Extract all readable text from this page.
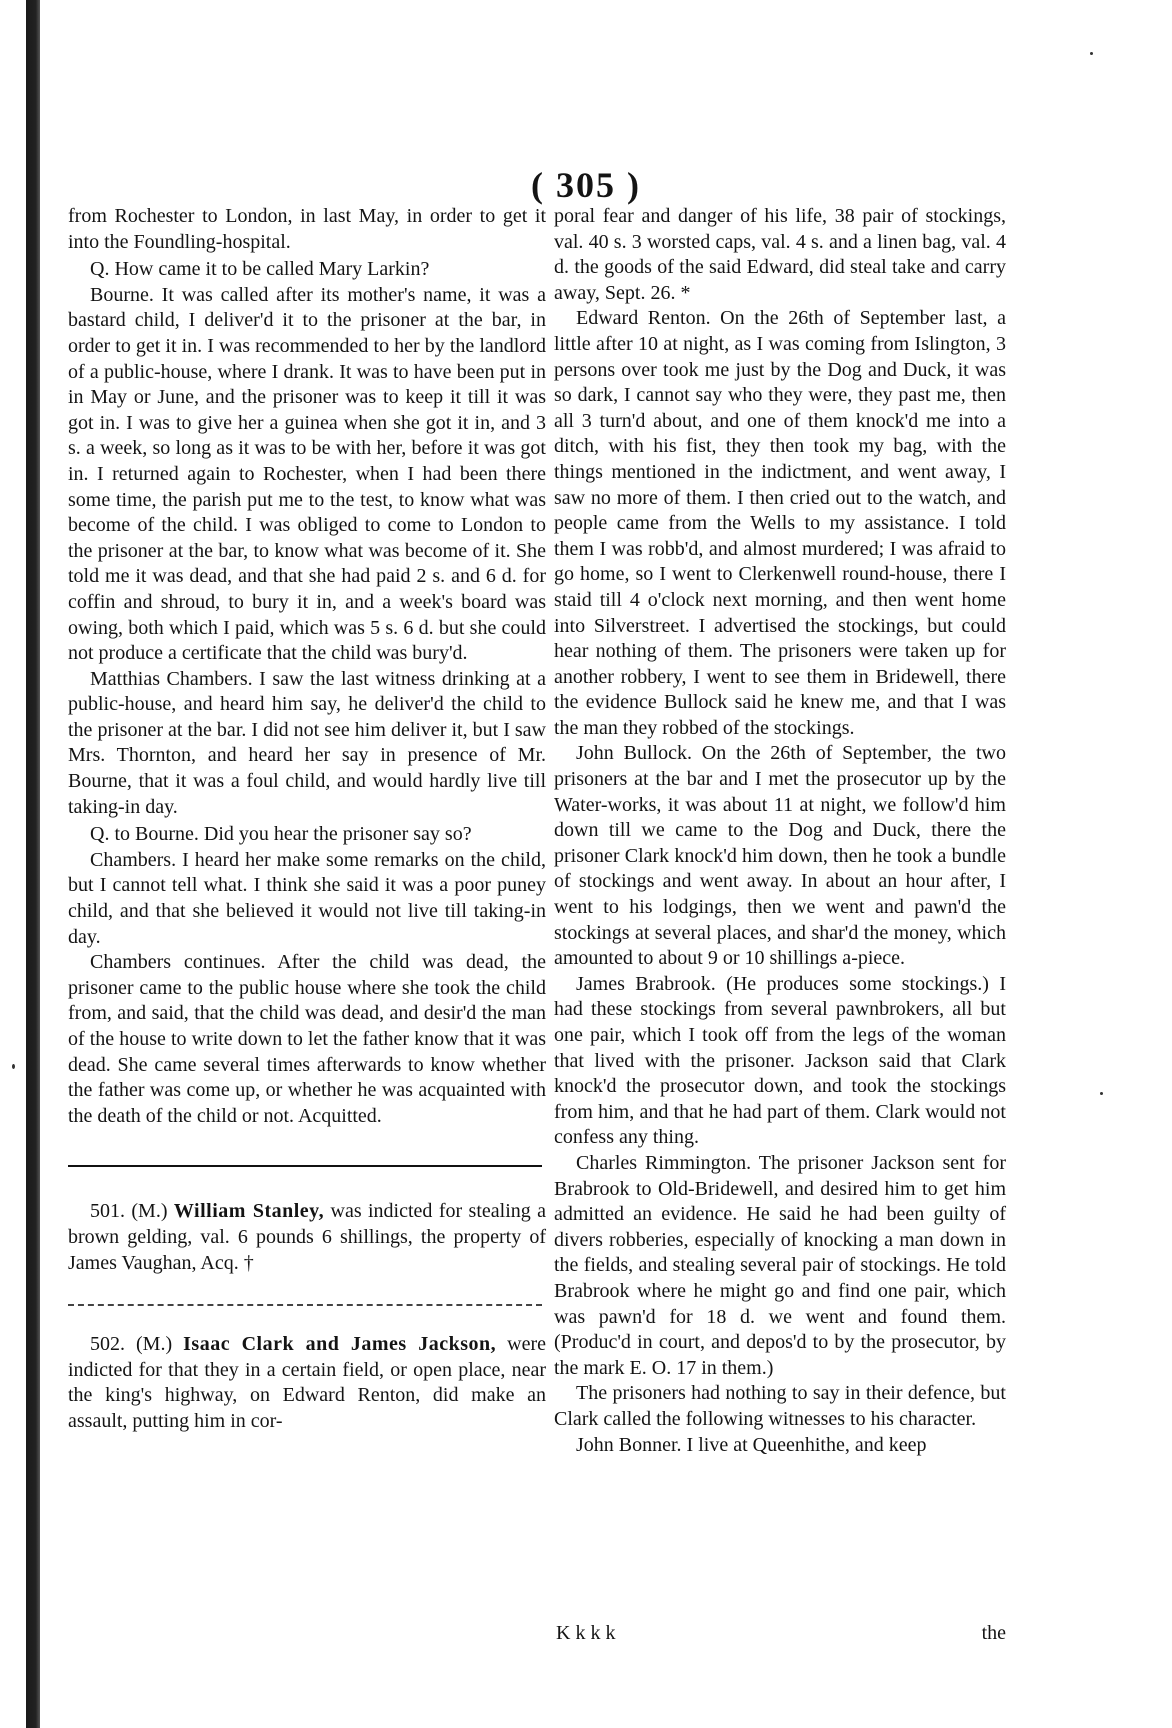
( 305 )

from Rochester to London, in last May, in order to get it into the Foundling-hospital.

Q. How came it to be called Mary Larkin?

Bourne. It was called after its mother's name, it was a bastard child, I deliver'd it to the prisoner at the bar, in order to get it in. I was recommended to her by the landlord of a public-house, where I drank. It was to have been put in in May or June, and the prisoner was to keep it till it was got in. I was to give her a guinea when she got it in, and 3 s. a week, so long as it was to be with her, before it was got in. I returned again to Rochester, when I had been there some time, the parish put me to the test, to know what was become of the child. I was obliged to come to London to the prisoner at the bar, to know what was become of it. She told me it was dead, and that she had paid 2 s. and 6 d. for coffin and shroud, to bury it in, and a week's board was owing, both which I paid, which was 5 s. 6 d. but she could not produce a certificate that the child was bury'd.

Matthias Chambers. I saw the last witness drinking at a public-house, and heard him say, he deliver'd the child to the prisoner at the bar. I did not see him deliver it, but I saw Mrs. Thornton, and heard her say in presence of Mr. Bourne, that it was a foul child, and would hardly live till taking-in day.

Q. to Bourne. Did you hear the prisoner say so?

Chambers. I heard her make some remarks on the child, but I cannot tell what. I think she said it was a poor puney child, and that she believed it would not live till taking-in day.

Chambers continues. After the child was dead, the prisoner came to the public house where she took the child from, and said, that the child was dead, and desir'd the man of the house to write down to let the father know that it was dead. She came several times afterwards to know whether the father was come up, or whether he was acquainted with the death of the child or not. Acquitted.

501. (M.) William Stanley, was indicted for stealing a brown gelding, val. 6 pounds 6 shillings, the property of James Vaughan, Acq. †

502. (M.) Isaac Clark and James Jackson, were indicted for that they in a certain field, or open place, near the king's highway, on Edward Renton, did make an assault, putting him in cor-

poral fear and danger of his life, 38 pair of stockings, val. 40 s. 3 worsted caps, val. 4 s. and a linen bag, val. 4 d. the goods of the said Edward, did steal take and carry away, Sept. 26. *

Edward Renton. On the 26th of September last, a little after 10 at night, as I was coming from Islington, 3 persons over took me just by the Dog and Duck, it was so dark, I cannot say who they were, they past me, then all 3 turn'd about, and one of them knock'd me into a ditch, with his fist, they then took my bag, with the things mentioned in the indictment, and went away, I saw no more of them. I then cried out to the watch, and people came from the Wells to my assistance. I told them I was robb'd, and almost murdered; I was afraid to go home, so I went to Clerkenwell round-house, there I staid till 4 o'clock next morning, and then went home into Silverstreet. I advertised the stockings, but could hear nothing of them. The prisoners were taken up for another robbery, I went to see them in Bridewell, there the evidence Bullock said he knew me, and that I was the man they robbed of the stockings.

John Bullock. On the 26th of September, the two prisoners at the bar and I met the prosecutor up by the Water-works, it was about 11 at night, we follow'd him down till we came to the Dog and Duck, there the prisoner Clark knock'd him down, then he took a bundle of stockings and went away. In about an hour after, I went to his lodgings, then we went and pawn'd the stockings at several places, and shar'd the money, which amounted to about 9 or 10 shillings a-piece.

James Brabrook. (He produces some stockings.) I had these stockings from several pawnbrokers, all but one pair, which I took off from the legs of the woman that lived with the prisoner. Jackson said that Clark knock'd the prosecutor down, and took the stockings from him, and that he had part of them. Clark would not confess any thing.

Charles Rimmington. The prisoner Jackson sent for Brabrook to Old-Bridewell, and desired him to get him admitted an evidence. He said he had been guilty of divers robberies, especially of knocking a man down in the fields, and stealing several pair of stockings. He told Brabrook where he might go and find one pair, which was pawn'd for 18 d. we went and found them. (Produc'd in court, and depos'd to by the prosecutor, by the mark E. O. 17 in them.)

The prisoners had nothing to say in their defence, but Clark called the following witnesses to his character.

John Bonner. I live at Queenhithe, and keep

K k k k	the
